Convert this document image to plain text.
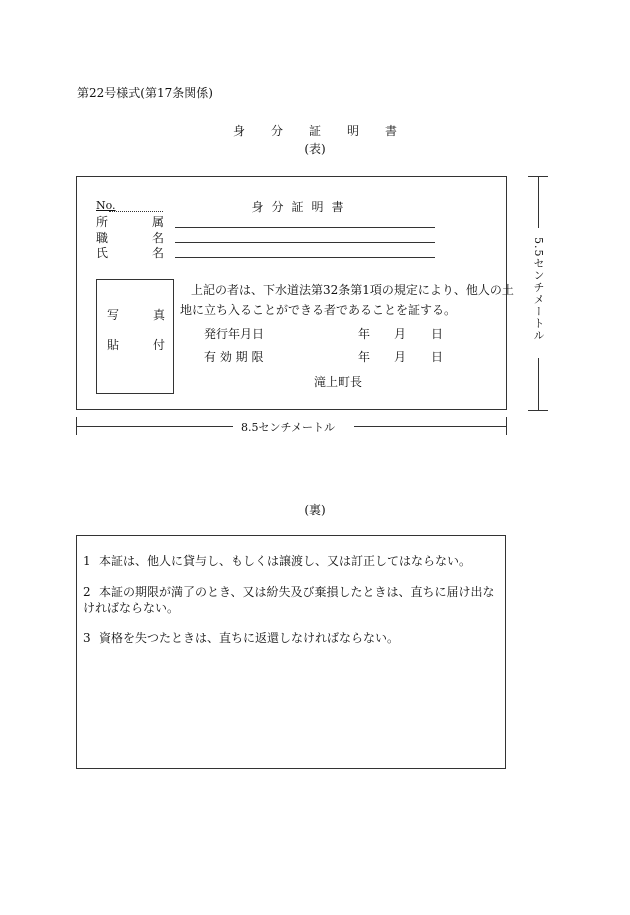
第22号様式(第17条関係)
身分証明書
(表)
No.	身分証明書
所	属
職	名
氏	名
写	真
貼	付
上記の者は、下水道法第32条第1項の規定により、他人の土
地に立ち入ることができる者であることを証する。
発行年月日	年 月 日
有 効 期 限	年 月 日
滝上町長
5.5センチメートル
8.5センチメートル
(裏)
1 本証は、他人に貸与し、もしくは譲渡し、又は訂正してはならない。
2 本証の期限が満了のとき、又は紛失及び棄損したときは、直ちに届け出なければならない。
3 資格を失つたときは、直ちに返還しなければならない。
